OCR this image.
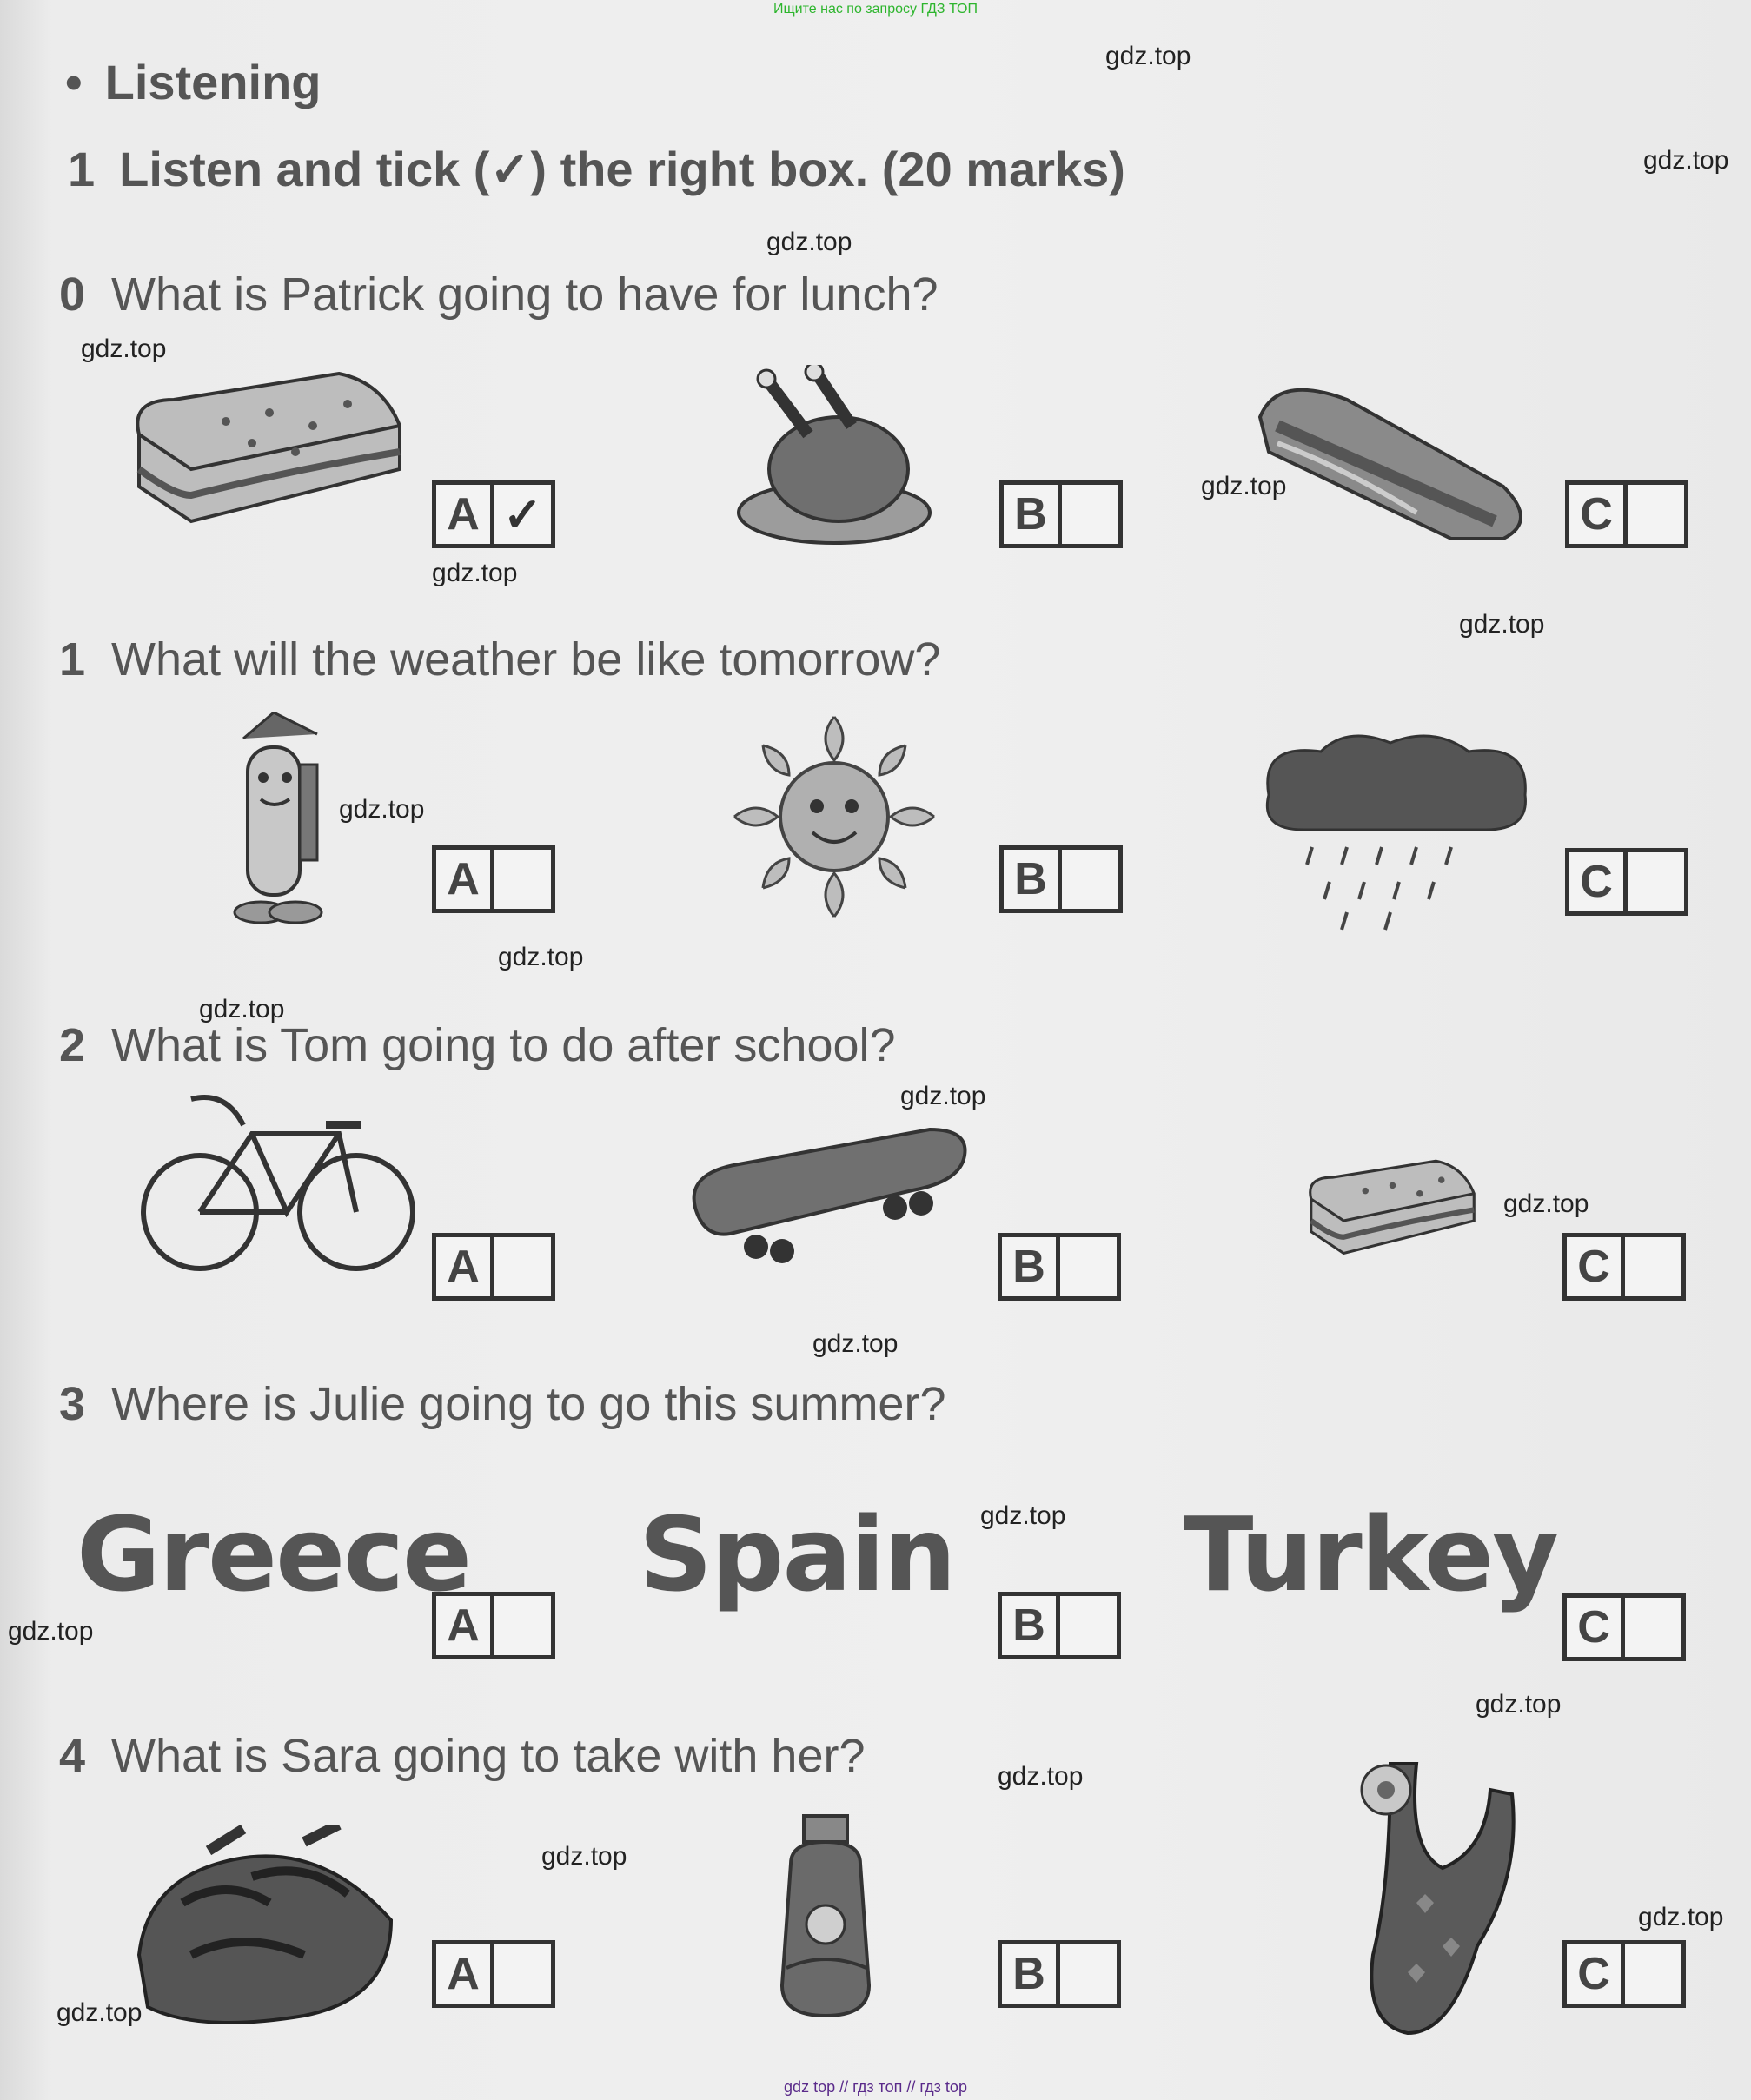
Ищите нас по запросу ГДЗ ТОП
• Listening
1 Listen and tick (✓) the right box. (20 marks)
0 What is Patrick going to have for lunch?
1 What will the weather be like tomorrow?
2 What is Tom going to do after school?
3 Where is Julie going to go this summer?
4 What is Sara going to take with her?
A ✓	B	C
A	B	C
A	B	C
A	B	C
A	B	C
Greece Spain Turkey
gdz.top
gdz.top
gdz.top
gdz.top
gdz.top
gdz.top
gdz.top
gdz.top
gdz.top
gdz.top
gdz.top
gdz.top
gdz.top
gdz.top
gdz.top
gdz.top
gdz.top
gdz.top
gdz.top
gdz.top
gdz top // гдз топ // гдз top
